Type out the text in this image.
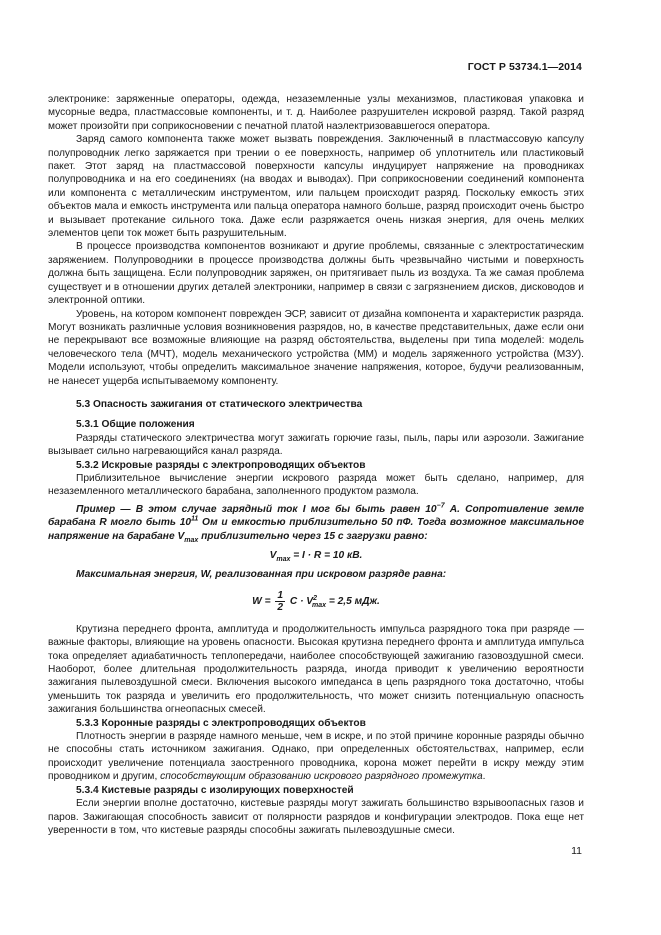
ГОСТ Р 53734.1—2014

электронике: заряженные операторы, одежда, незаземленные узлы механизмов, пластиковая упаковка и мусорные ведра, пластмассовые компоненты, и т. д. Наиболее разрушителен искровой разряд. Такой разряд может произойти при соприкосновении с печатной платой наэлектризовавшегося оператора.

Заряд самого компонента также может вызвать повреждения. Заключенный в пластмассовую капсулу полупроводник легко заряжается при трении о ее поверхность, например об уплотнитель или пластиковый пакет. Этот заряд на пластмассовой поверхности капсулы индуцирует напряжение на проводниках полупроводника и на его соединениях (на вводах и выводах). При соприкосновении соединений компонента или компонента с металлическим инструментом, или пальцем происходит разряд. Поскольку емкость этих объектов мала и емкость инструмента или пальца оператора намного больше, разряд происходит очень быстро и вызывает протекание сильного тока. Даже если разряжается очень низкая энергия, для очень мелких элементов цепи ток может быть разрушительным.

В процессе производства компонентов возникают и другие проблемы, связанные с электростатическим заряжением. Полупроводники в процессе производства должны быть чрезвычайно чистыми и поверхность должна быть защищена. Если полупроводник заряжен, он притягивает пыль из воздуха. Та же самая проблема существует и в отношении других деталей электроники, например в связи с загрязнением дисков, дисководов и электронной оптики.

Уровень, на котором компонент поврежден ЭСР, зависит от дизайна компонента и характеристик разряда. Могут возникать различные условия возникновения разрядов, но, в качестве представительных, даже если они не перекрывают все возможные влияющие на разряд обстоятельства, выделены при типа моделей: модель человеческого тела (МЧТ), модель механического устройства (ММ) и модель заряженного устройства (МЗУ). Модели используют, чтобы определить максимальное значение напряжения, которое, будучи реализованным, не нанесет ущерба испытываемому компоненту.

5.3 Опасность зажигания от статического электричества

5.3.1 Общие положения

Разряды статического электричества могут зажигать горючие газы, пыль, пары или аэрозоли. Зажигание вызывает сильно нагревающийся канал разряда.

5.3.2 Искровые разряды с электропроводящих объектов

Приблизительное вычисление энергии искрового разряда может быть сделано, например, для незаземленного металлического барабана, заполненного продуктом размола.

Пример — В этом случае зарядный ток I мог бы быть равен $10^{-7}$ А. Сопротивление земле барабана R могло быть $10^{11}$ Ом и емкостью приблизительно 50 пФ. Тогда возможное максимальное напряжение на барабане $V_{max}$ приблизительно через 15 с загрузки равно:

$V_{max} = I \cdot R = 10$ кВ.

Максимальная энергия, W, реализованная при искровом разряде равна:

$W = \frac{1}{2}$ $C \cdot V^2_{max} = 2,5$ мДж.

Крутизна переднего фронта, амплитуда и продолжительность импульса разрядного тока при разряде — важные факторы, влияющие на уровень опасности. Высокая крутизна переднего фронта и амплитуда импульса тока определяет адиабатичность теплопередачи, наиболее способствующей зажиганию газовоздушной смеси. Наоборот, более длительная продолжительность разряда, иногда приводит к увеличению вероятности зажигания пылевоздушной смеси. Включения высокого импеданса в цепь разрядного тока достаточно, чтобы уменьшить ток разряда и увеличить его продолжительность, что может снизить потенциальную опасность зажигания большинства огнеопасных смесей.

5.3.3 Коронные разряды с электропроводящих объектов

Плотность энергии в разряде намного меньше, чем в искре, и по этой причине коронные разряды обычно не способны стать источником зажигания. Однако, при определенных обстоятельствах, например, если происходит увеличение потенциала заостренного проводника, корона может перейти в искру между этим проводником и другим, способствующим образованию искрового разрядного промежутка.

5.3.4 Кистевые разряды с изолирующих поверхностей

Если энергии вполне достаточно, кистевые разряды могут зажигать большинство взрывоопасных газов и паров. Зажигающая способность зависит от полярности разрядов и конфигурации электродов. Пока еще нет уверенности в том, что кистевые разряды способны зажигать пылевоздушные смеси.

11
